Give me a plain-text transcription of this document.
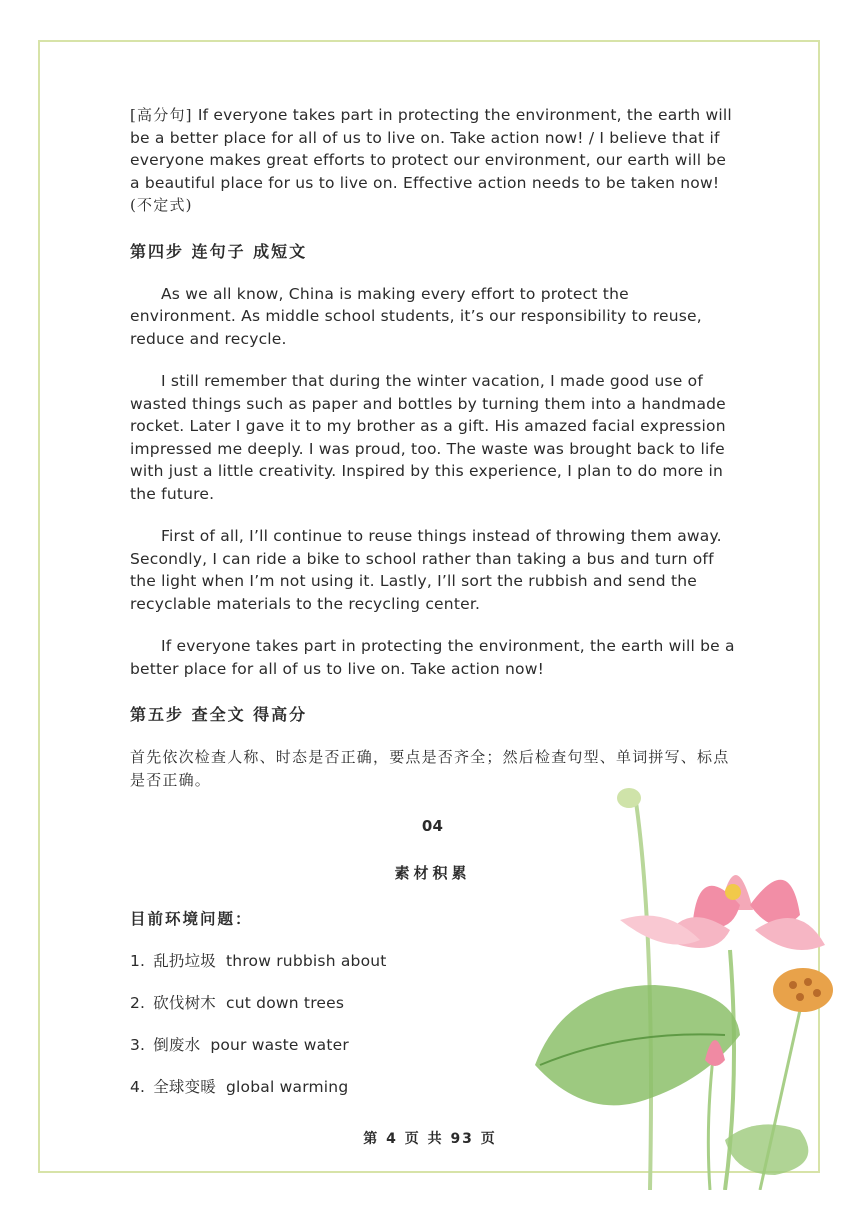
[高分句] If everyone takes part in protecting the environment, the earth will be a better place for all of us to live on. Take action now! / I believe that if everyone makes great efforts to protect our environment, our earth will be a beautiful place for us to live on. Effective action needs to be taken now! (不定式)

第四步 连句子 成短文

As we all know, China is making every effort to protect the environment. As middle school students, it’s our responsibility to reuse, reduce and recycle.

I still remember that during the winter vacation, I made good use of wasted things such as paper and bottles by turning them into a handmade rocket. Later I gave it to my brother as a gift. His amazed facial expression impressed me deeply. I was proud, too. The waste was brought back to life with just a little creativity. Inspired by this experience, I plan to do more in the future.

First of all, I’ll continue to reuse things instead of throwing them away. Secondly, I can ride a bike to school rather than taking a bus and turn off the light when I’m not using it. Lastly, I’ll sort the rubbish and send the recyclable materials to the recycling center.

If everyone takes part in protecting the environment, the earth will be a better place for all of us to live on. Take action now!

第五步 查全文 得高分

首先依次检查人称、时态是否正确，要点是否齐全；然后检查句型、单词拼写、标点是否正确。

04

素材积累

目前环境问题：

1. 乱扔垃圾 throw rubbish about

2. 砍伐树木 cut down trees

3. 倒废水 pour waste water

4. 全球变暖 global warming

第 4 页 共 93 页
